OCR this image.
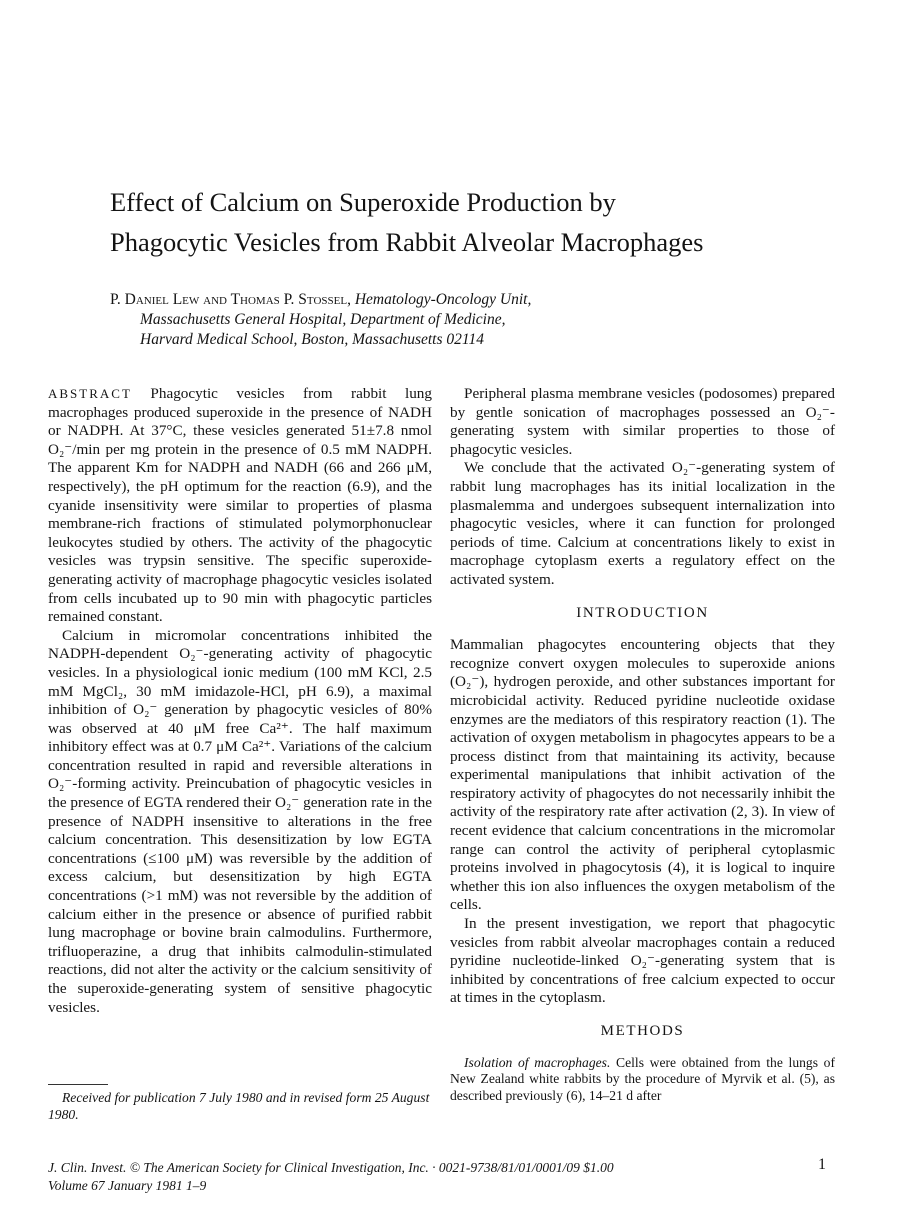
Effect of Calcium on Superoxide Production by
Phagocytic Vesicles from Rabbit Alveolar Macrophages
P. Daniel Lew and Thomas P. Stossel, Hematology-Oncology Unit,
Massachusetts General Hospital, Department of Medicine,
Harvard Medical School, Boston, Massachusetts 02114

ABSTRACT Phagocytic vesicles from rabbit lung macrophages produced superoxide in the presence of NADH or NADPH. At 37°C, these vesicles generated 51±7.8 nmol O₂⁻/min per mg protein in the presence of 0.5 mM NADPH. The apparent Km for NADPH and NADH (66 and 266 μM, respectively), the pH optimum for the reaction (6.9), and the cyanide insensitivity were similar to properties of plasma membrane-rich fractions of stimulated polymorphonuclear leukocytes studied by others. The activity of the phagocytic vesicles was trypsin sensitive. The specific superoxide-generating activity of macrophage phagocytic vesicles isolated from cells incubated up to 90 min with phagocytic particles remained constant.

Calcium in micromolar concentrations inhibited the NADPH-dependent O₂⁻-generating activity of phagocytic vesicles. In a physiological ionic medium (100 mM KCl, 2.5 mM MgCl₂, 30 mM imidazole-HCl, pH 6.9), a maximal inhibition of O₂⁻ generation by phagocytic vesicles of 80% was observed at 40 μM free Ca²⁺. The half maximum inhibitory effect was at 0.7 μM Ca²⁺. Variations of the calcium concentration resulted in rapid and reversible alterations in O₂⁻-forming activity. Preincubation of phagocytic vesicles in the presence of EGTA rendered their O₂⁻ generation rate in the presence of NADPH insensitive to alterations in the free calcium concentration. This desensitization by low EGTA concentrations (≤100 μM) was reversible by the addition of excess calcium, but desensitization by high EGTA concentrations (>1 mM) was not reversible by the addition of calcium either in the presence or absence of purified rabbit lung macrophage or bovine brain calmodulins. Furthermore, trifluoperazine, a drug that inhibits calmodulin-stimulated reactions, did not alter the activity or the calcium sensitivity of the superoxide-generating system of sensitive phagocytic vesicles.

Peripheral plasma membrane vesicles (podosomes) prepared by gentle sonication of macrophages possessed an O₂⁻-generating system with similar properties to those of phagocytic vesicles.

We conclude that the activated O₂⁻-generating system of rabbit lung macrophages has its initial localization in the plasmalemma and undergoes subsequent internalization into phagocytic vesicles, where it can function for prolonged periods of time. Calcium at concentrations likely to exist in macrophage cytoplasm exerts a regulatory effect on the activated system.

INTRODUCTION

Mammalian phagocytes encountering objects that they recognize convert oxygen molecules to superoxide anions (O₂⁻), hydrogen peroxide, and other substances important for microbicidal activity. Reduced pyridine nucleotide oxidase enzymes are the mediators of this respiratory reaction (1). The activation of oxygen metabolism in phagocytes appears to be a process distinct from that maintaining its activity, because experimental manipulations that inhibit activation of the respiratory activity of phagocytes do not necessarily inhibit the activity of the respiratory rate after activation (2, 3). In view of recent evidence that calcium concentrations in the micromolar range can control the activity of peripheral cytoplasmic proteins involved in phagocytosis (4), it is logical to inquire whether this ion also influences the oxygen metabolism of the cells.

In the present investigation, we report that phagocytic vesicles from rabbit alveolar macrophages contain a reduced pyridine nucleotide-linked O₂⁻-generating system that is inhibited by concentrations of free calcium expected to occur at times in the cytoplasm.

METHODS

Isolation of macrophages. Cells were obtained from the lungs of New Zealand white rabbits by the procedure of Myrvik et al. (5), as described previously (6), 14–21 d after

Received for publication 7 July 1980 and in revised form 25 August 1980.
J. Clin. Invest. © The American Society for Clinical Investigation, Inc. · 0021-9738/81/01/0001/09 $1.00
Volume 67 January 1981 1–9
1
